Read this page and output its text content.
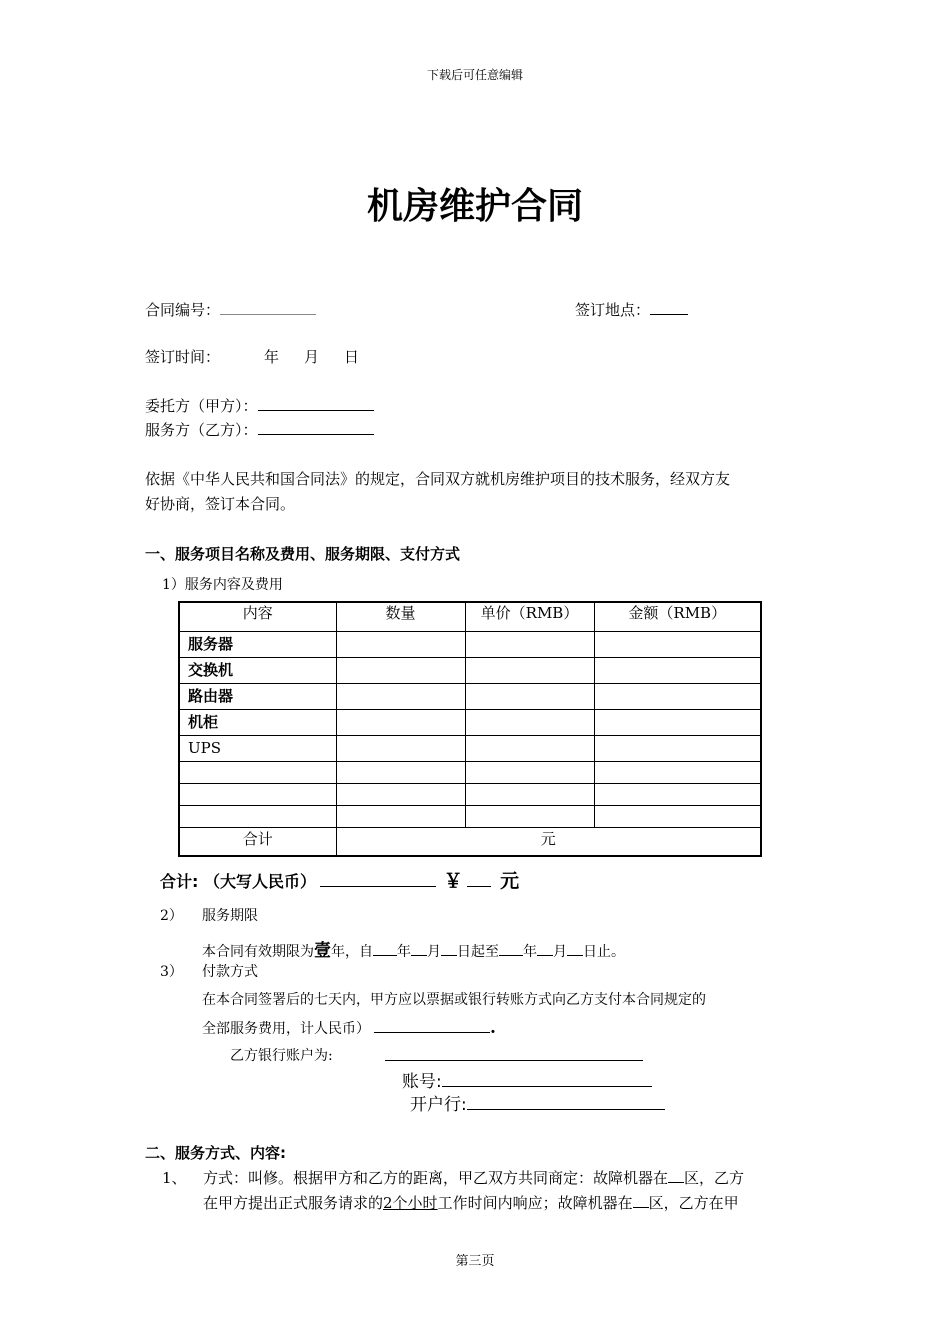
下载后可任意编辑
机房维护合同
合同编号：	签订地点：
签订时间：	年 月 日
委托方（甲方）：
服务方（乙方）：
依据《中华人民共和国合同法》的规定，合同双方就机房维护项目的技术服务，经双方友
好协商，签订本合同。
一、服务项目名称及费用、服务期限、支付方式
1）服务内容及费用
内容	数量	单价（RMB）	金额（RMB）
服务器			
交换机			
路由器			
机柜			
UPS			

合计	元		
合计: （大写人民币）	￥ 元
2） 服务期限
本合同有效期限为壹年，自 年 月 日起至 年 月 日止。
3） 付款方式
在本合同签署后的七天内，甲方应以票据或银行转账方式向乙方支付本合同规定的
全部服务费用，计人民币）	.
乙方银行账户为:
账号:
开户行:
二、服务方式、内容:
1、 方式：叫修。根据甲方和乙方的距离，甲乙双方共同商定：故障机器在 区，乙方
在甲方提出正式服务请求的2个小时工作时间内响应；故障机器在 区，乙方在甲
第三页
